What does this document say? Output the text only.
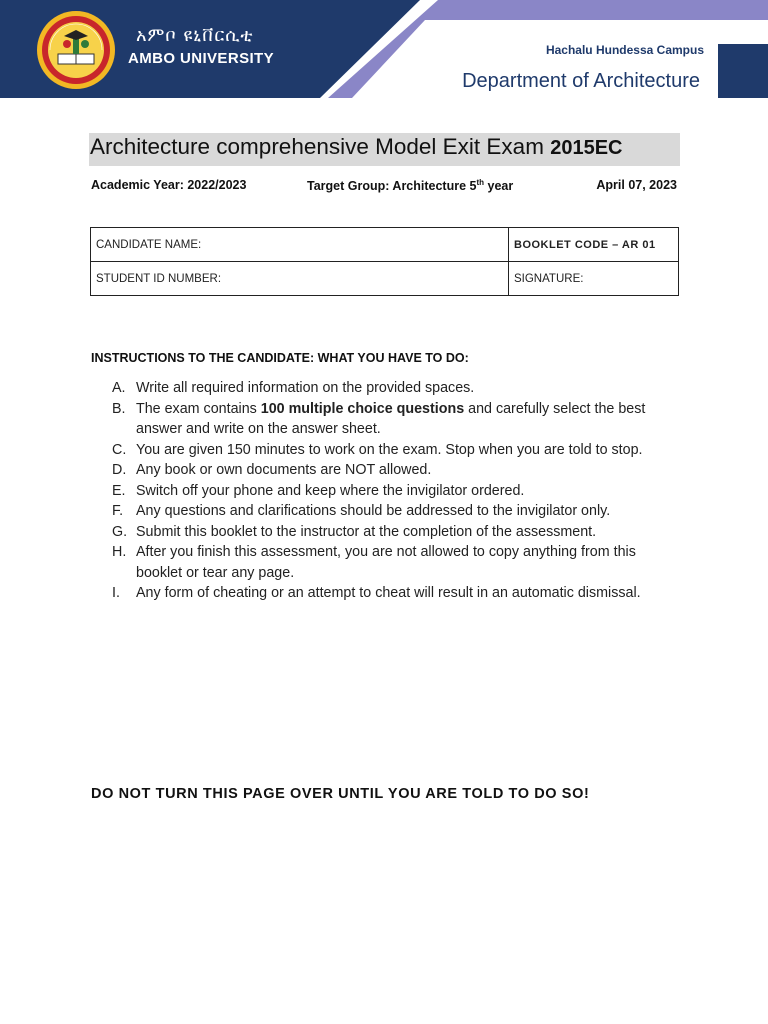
አምቦ ዩኒቨርሲቲ
AMBO UNIVERSITY	Hachalu Hundessa Campus
Department of Architecture
Architecture comprehensive Model Exit Exam 2015EC
Academic Year: 2022/2023	Target Group: Architecture 5th year	April 07, 2023
CANDIDATE NAME:	BOOKLET CODE – AR 01
STUDENT ID NUMBER:	SIGNATURE:
INSTRUCTIONS TO THE CANDIDATE: WHAT YOU HAVE TO DO:
A. Write all required information on the provided spaces.
B. The exam contains 100 multiple choice questions and carefully select the best answer and write on the answer sheet.
C. You are given 150 minutes to work on the exam. Stop when you are told to stop.
D. Any book or own documents are NOT allowed.
E. Switch off your phone and keep where the invigilator ordered.
F. Any questions and clarifications should be addressed to the invigilator only.
G. Submit this booklet to the instructor at the completion of the assessment.
H. After you finish this assessment, you are not allowed to copy anything from this booklet or tear any page.
I.	Any form of cheating or an attempt to cheat will result in an automatic dismissal.
DO NOT TURN THIS PAGE OVER UNTIL YOU ARE TOLD TO DO SO!
